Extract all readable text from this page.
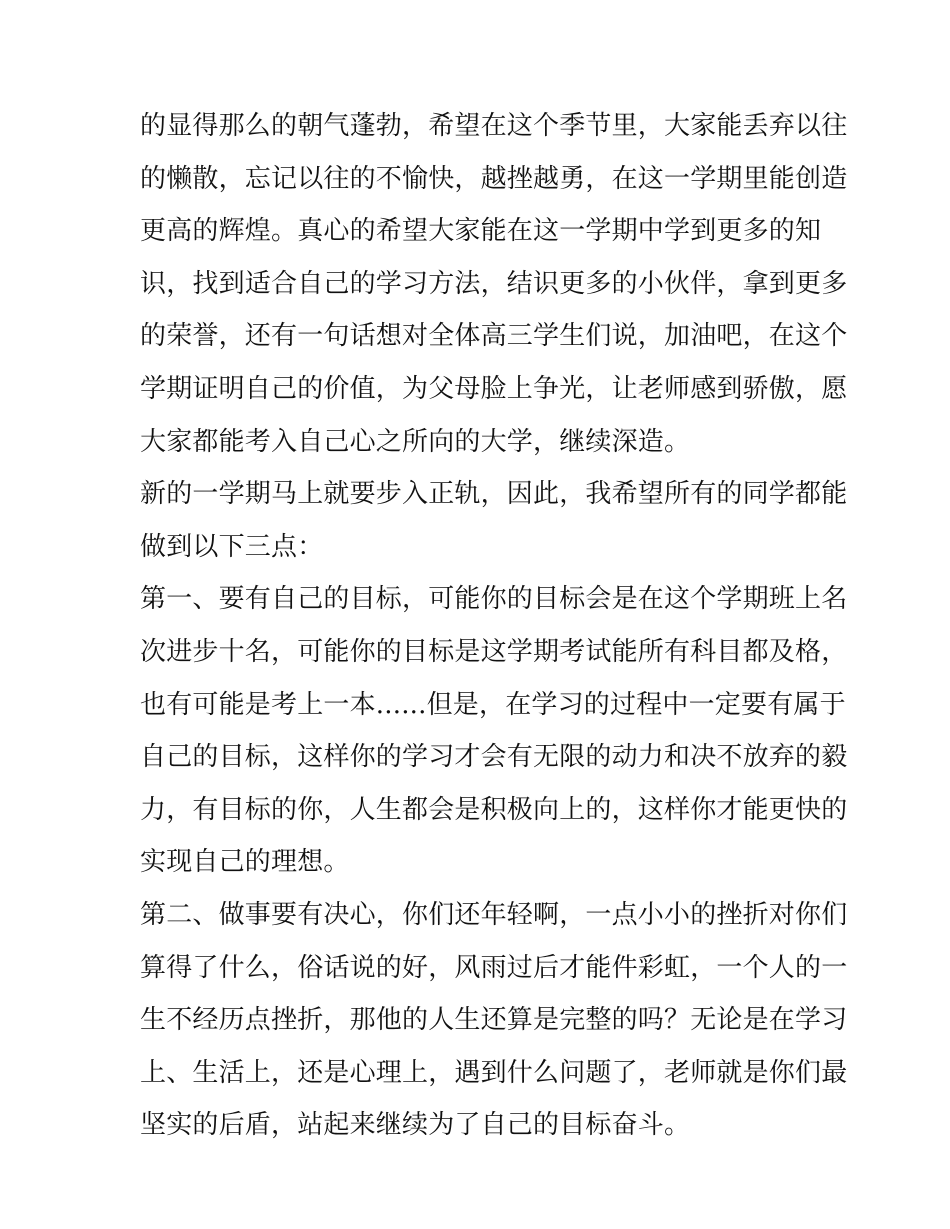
的显得那么的朝气蓬勃，希望在这个季节里，大家能丢弃以往
的懒散，忘记以往的不愉快，越挫越勇，在这一学期里能创造
更高的辉煌。真心的希望大家能在这一学期中学到更多的知
识，找到适合自己的学习方法，结识更多的小伙伴，拿到更多
的荣誉，还有一句话想对全体高三学生们说，加油吧，在这个
学期证明自己的价值，为父母脸上争光，让老师感到骄傲，愿
大家都能考入自己心之所向的大学，继续深造。
新的一学期马上就要步入正轨，因此，我希望所有的同学都能
做到以下三点：
第一、要有自己的目标，可能你的目标会是在这个学期班上名
次进步十名，可能你的目标是这学期考试能所有科目都及格，
也有可能是考上一本......但是，在学习的过程中一定要有属于
自己的目标，这样你的学习才会有无限的动力和决不放弃的毅
力，有目标的你，人生都会是积极向上的，这样你才能更快的
实现自己的理想。
第二、做事要有决心，你们还年轻啊，一点小小的挫折对你们
算得了什么，俗话说的好，风雨过后才能件彩虹，一个人的一
生不经历点挫折，那他的人生还算是完整的吗？无论是在学习
上、生活上，还是心理上，遇到什么问题了，老师就是你们最
坚实的后盾，站起来继续为了自己的目标奋斗。
